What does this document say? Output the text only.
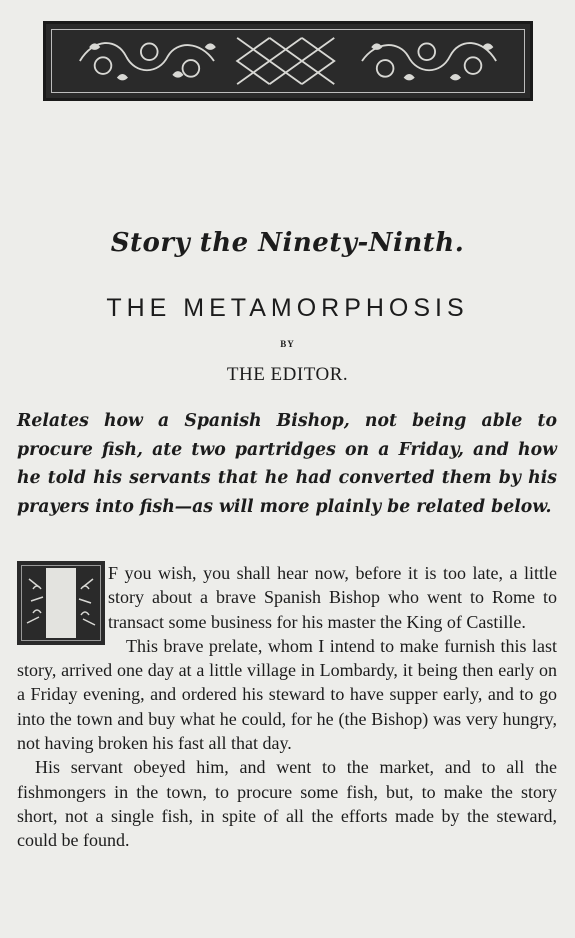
Story the Ninety-Ninth.
THE METAMORPHOSIS
BY
THE EDITOR.

Relates how a Spanish Bishop, not being able to procure fish, ate two partridges on a Friday, and how he told his servants that he had converted them by his prayers into fish—as will more plainly be related below.

F you wish, you shall hear now, before it is too late, a little story about a brave Spanish Bishop who went to Rome to transact some business for his master the King of Castille.

This brave prelate, whom I intend to make furnish this last story, arrived one day at a little village in Lombardy, it being then early on a Friday evening, and ordered his steward to have supper early, and to go into the town and buy what he could, for he (the Bishop) was very hungry, not having broken his fast all that day.

His servant obeyed him, and went to the market, and to all the fishmongers in the town, to procure some fish, but, to make the story short, not a single fish, in spite of all the efforts made by the steward, could be found.
